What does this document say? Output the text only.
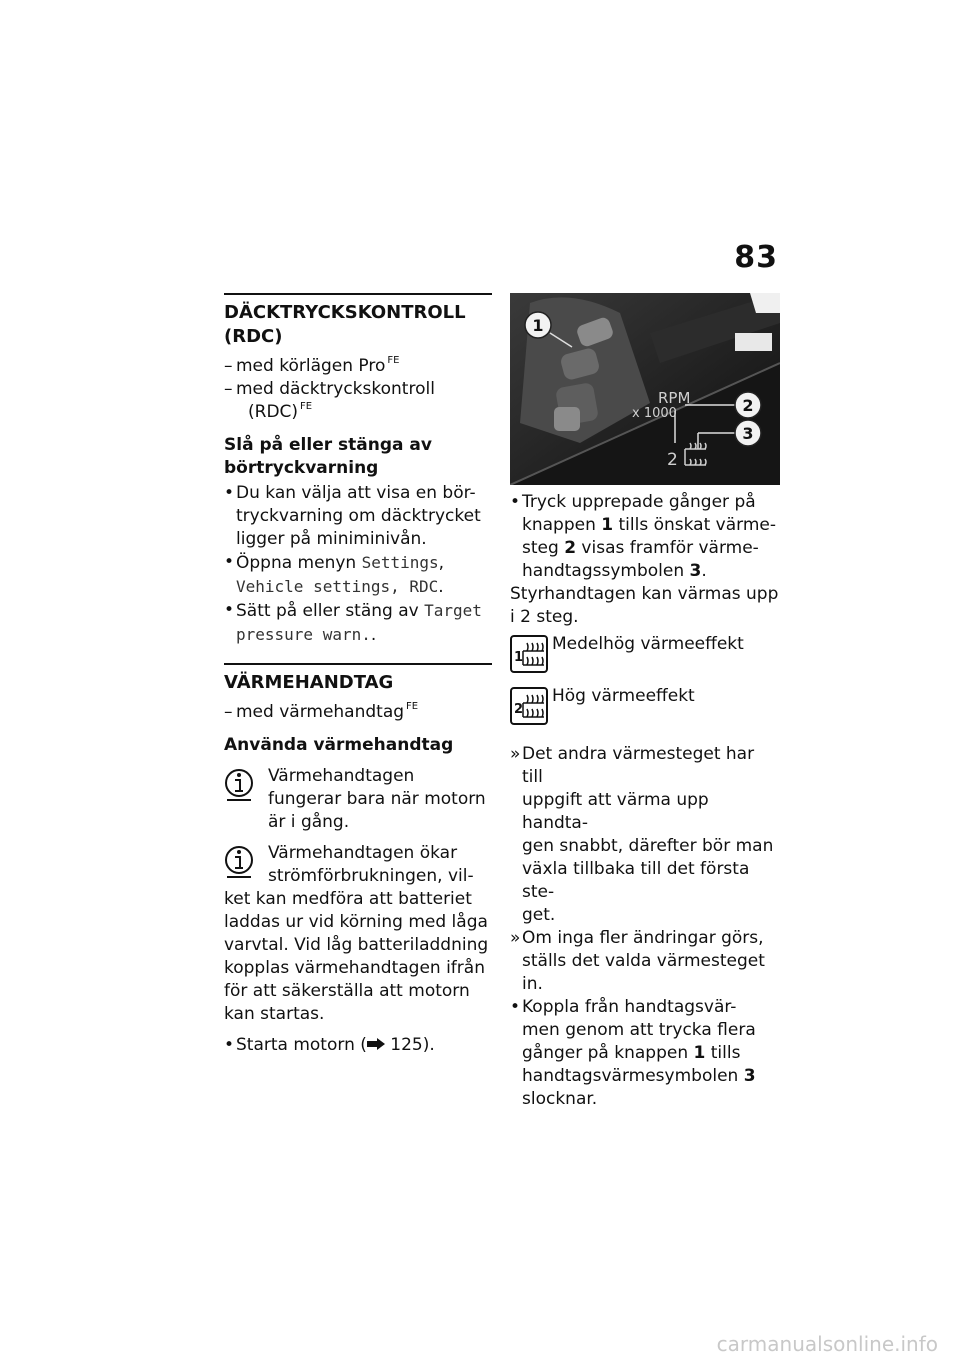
83
DÄCKTRYCKSKONTROLL (RDC)
– med körlägen Pro $^{FE}$
– med däcktryckskontroll
(RDC) $^{FE}$
Slå på eller stänga av börtryckvarning
• Du kan välja att visa en bör-
tryckvarning om däcktrycket
ligger på miniminivån.
• Öppna menyn Settings,
Vehicle settings, RDC.
• Sätt på eller stäng av Target
pressure warn..
VÄRMEHANDTAG
– med värmehandtag $^{FE}$
Använda värmehandtag
Värmehandtagen fungerar bara när motorn är i gång.
Värmehandtagen ökar
strömförbrukningen, vil-
ket kan medföra att batteriet laddas ur vid körning med låga varvtal. Vid låg batteriladdning kopplas värmehandtagen ifrån för att säkerställa att motorn kan startas.
• Starta motorn ( 125).
RPM
x 1000
2
1
2
3
• Tryck upprepade gånger på
knappen 1 tills önskat värme-
steg 2 visas framför värme-
handtagssymbolen 3.
Styrhandtagen kan värmas upp i 2 steg.
1
Medelhög värmeeffekt
2
Hög värmeeffekt
» Det andra värmesteget har till
uppgift att värma upp handta-
gen snabbt, därefter bör man
växla tillbaka till det första ste-
get.
» Om inga fler ändringar görs,
ställs det valda värmesteget
in.
• Koppla från handtagsvär-
men genom att trycka flera
gånger på knappen 1 tills
handtagsvärmesymbolen 3
slocknar.
carmanualsonline.info
